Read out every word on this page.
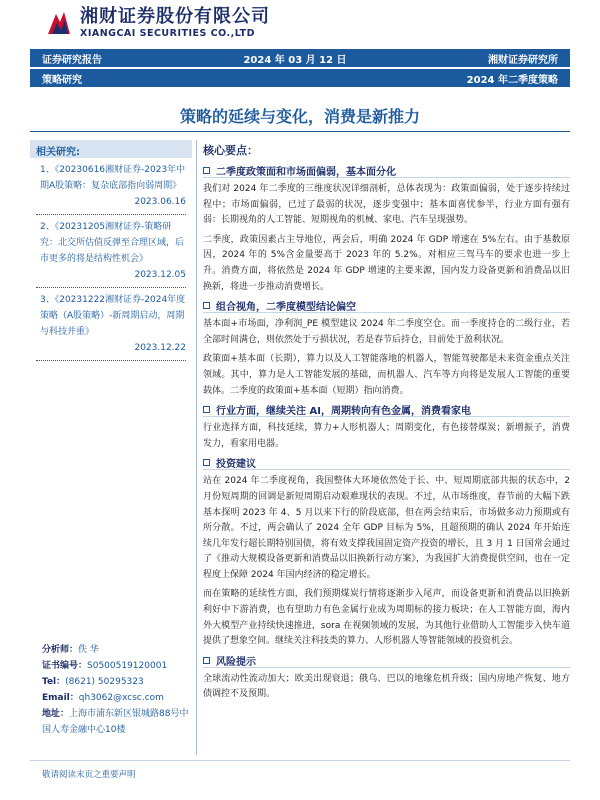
湘财证券股份有限公司
XIANGCAI SECURITIES CO.,LTD
证券研究报告	2024 年 03 月 12 日	湘财证券研究所
策略研究	2024 年二季度策略
策略的延续与变化，消费是新推力
相关研究:
1、《20230616湘财证券-2023年中期A股策略：复杂底部指向弱周期》
2023.06.16
2、《20231205湘财证券-策略研究：北交所估值反弹至合理区域，后市更多的将是结构性机会》
2023.12.05
3、《20231222湘财证券-2024年度策略（A股策略）-新周期启动，周期与科技并重》
2023.12.22
分析师：佚 华
证书编号：S0500519120001
Tel：(8621) 50295323
Email：qh3062@xcsc.com
地址：上海市浦东新区银城路88号中国人寿金融中心10楼
核心要点：
二季度政策面和市场面偏弱，基本面分化

我们对 2024 年二季度的三维度状况详细剖析，总体表现为：政策面偏弱，处于逐步持续过程中；市场面偏弱，已过了最弱的状况，逐步变强中；基本面喜忧参半，行业方面有强有弱：长期视角的人工智能、短期视角的机械、家电、汽车呈现强势。

二季度，政策因素占主导地位，两会后，明确 2024 年 GDP 增速在 5%左右。由于基数原因，2024 年的 5%含金量要高于 2023 年的 5.2%。对相应三驾马车的要求也进一步上升。消费方面，将依然是 2024 年 GDP 增速的主要来源，国内发力设备更新和消费品以旧换新，将进一步推动消费增长。

组合视角，二季度模型结论偏空

基本面+市场面，净利润_PE 模型建议 2024 年二季度空仓。而一季度持仓的二级行业，若全部时间满仓，则依然处于亏损状况，若是春节后持仓，目前处于盈利状况。

政策面+基本面（长期），算力以及人工智能落地的机器人，智能驾驶都是未来资金重点关注领域。其中，算力是人工智能发展的基础，而机器人、汽车等方向将是发展人工智能的重要载体。二季度的政策面+基本面（短期）指向消费。

行业方面，继续关注 AI，周期转向有色金属，消费看家电

行业选择方面，科技延续，算力+人形机器人；周期变化，有色接替煤炭；新增振子，消费发力，看家用电器。

投资建议

站在 2024 年二季度视角，我国整体大环境依然处于长、中、短周期底部共振的状态中，2 月份短周期的回调是新短周期启动艰难现状的表现。不过，从市场维度，春节前的大幅下跌基本探明 2023 年 4、5 月以来下行的阶段底部，但在两会结束后，市场做多动力预期或有所分散。不过，两会确认了 2024 全年 GDP 目标为 5%，且超预期的确认 2024 年开始连续几年发行超长期特别国债，将有效支撑我国固定资产投资的增长，且 3 月 1 日国常会通过了《推动大规模设备更新和消费品以旧换新行动方案》，为我国扩大消费提供空间，也在一定程度上保障 2024 年国内经济的稳定增长。

而在策略的延续性方面，我们预期煤炭行情将逐渐步入尾声，而设备更新和消费品以旧换新利好中下游消费，也有望助力有色金属行业成为周期标的接力板块；在人工智能方面，海内外大模型产业持续快速推进，sora 在视频领域的发展，为其他行业借助人工智能步入快车道提供了想象空间。继续关注科技类的算力、人形机器人等智能领域的投资机会。

风险提示

全球流动性流动加大；欧美出现衰退；俄乌、巴以的地缘危机升级；国内房地产恢复、地方债调控不及预期。

敬请阅读末页之重要声明
